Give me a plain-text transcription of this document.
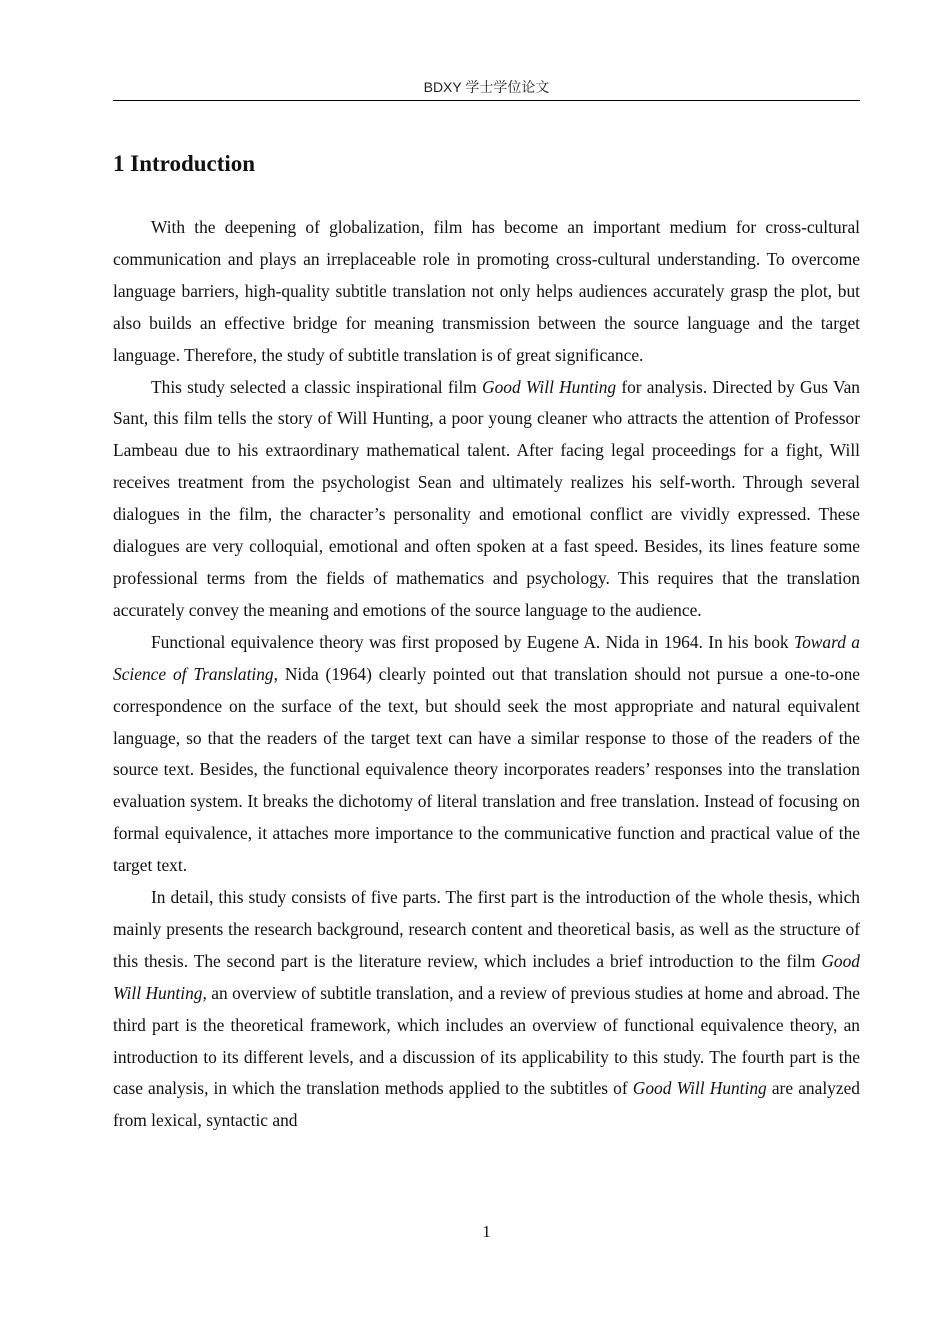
BDXY 学士学位论文
1 Introduction

With the deepening of globalization, film has become an important medium for cross-cultural communication and plays an irreplaceable role in promoting cross-cultural understanding. To overcome language barriers, high-quality subtitle translation not only helps audiences accurately grasp the plot, but also builds an effective bridge for meaning transmission between the source language and the target language. Therefore, the study of subtitle translation is of great significance.

This study selected a classic inspirational film Good Will Hunting for analysis. Directed by Gus Van Sant, this film tells the story of Will Hunting, a poor young cleaner who attracts the attention of Professor Lambeau due to his extraordinary mathematical talent. After facing legal proceedings for a fight, Will receives treatment from the psychologist Sean and ultimately realizes his self-worth. Through several dialogues in the film, the character’s personality and emotional conflict are vividly expressed. These dialogues are very colloquial, emotional and often spoken at a fast speed. Besides, its lines feature some professional terms from the fields of mathematics and psychology. This requires that the translation accurately convey the meaning and emotions of the source language to the audience.

Functional equivalence theory was first proposed by Eugene A. Nida in 1964. In his book Toward a Science of Translating, Nida (1964) clearly pointed out that translation should not pursue a one-to-one correspondence on the surface of the text, but should seek the most appropriate and natural equivalent language, so that the readers of the target text can have a similar response to those of the readers of the source text. Besides, the functional equivalence theory incorporates readers’ responses into the translation evaluation system. It breaks the dichotomy of literal translation and free translation. Instead of focusing on formal equivalence, it attaches more importance to the communicative function and practical value of the target text.

In detail, this study consists of five parts. The first part is the introduction of the whole thesis, which mainly presents the research background, research content and theoretical basis, as well as the structure of this thesis. The second part is the literature review, which includes a brief introduction to the film Good Will Hunting, an overview of subtitle translation, and a review of previous studies at home and abroad. The third part is the theoretical framework, which includes an overview of functional equivalence theory, an introduction to its different levels, and a discussion of its applicability to this study. The fourth part is the case analysis, in which the translation methods applied to the subtitles of Good Will Hunting are analyzed from lexical, syntactic and

1
